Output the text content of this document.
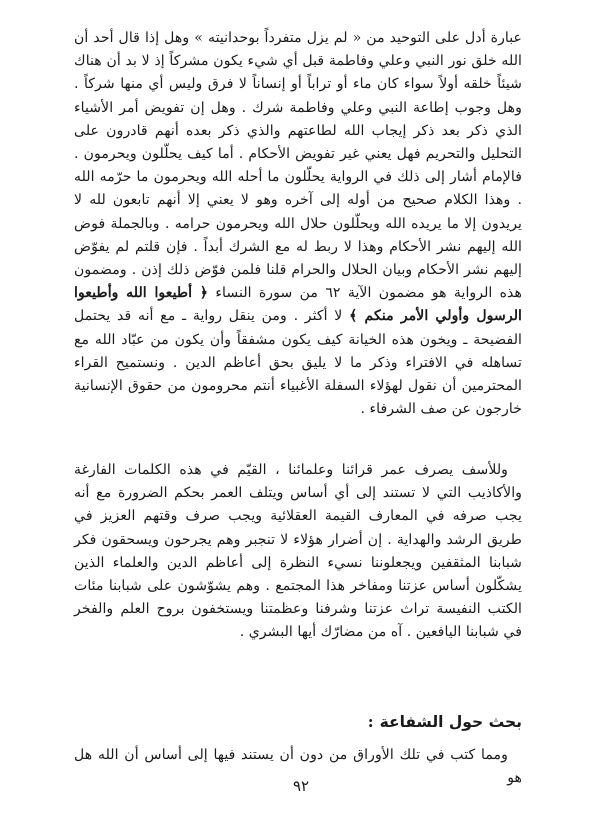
عبارة أدل على التوحيد من « لم يزل متفرداً بوحدانيته » وهل إذا قال أحد أن الله خلق نور النبي وعلي وفاطمة قبل أي شيء يكون مشركاً إذ لا بد أن هناك شيئاً خلقه أولاً سواء كان ماء أو تراباً أو إنساناً لا فرق وليس أي منها شركاً . وهل وجوب إطاعة النبي وعلي وفاطمة شرك . وهل إن تفويض أمر الأشياء الذي ذكر بعد ذكر إيجاب الله لطاعتهم والذي ذكر بعده أنهم قادرون على التحليل والتحريم فهل يعني غير تفويض الأحكام . أما كيف يحلّلون ويحرمون . فالإمام أشار إلى ذلك في الرواية يحلّلون ما أحله الله ويحرمون ما حرّمه الله . وهذا الكلام صحيح من أوله إلى آخره وهو لا يعني إلا أنهم تابعون لله لا يريدون إلا ما يريده الله ويحلّلون حلال الله ويحرمون حرامه . وبالجملة فوض الله إليهم نشر الأحكام وهذا لا ربط له مع الشرك أبداً . فإن قلتم لم يفوّض إليهم نشر الأحكام وبيان الحلال والحرام قلنا فلمن فوّض ذلك إذن . ومضمون هذه الرواية هو مضمون الآية ٦٢ من سورة النساء ﴿ أطيعوا الله وأطيعوا الرسول وأولي الأمر منكم ﴾ لا أكثر . ومن ينقل رواية ـ مع أنه قد يحتمل الفضيحة ـ ويخون هذه الخيانة كيف يكون مشفقاً وأن يكون من عبّاد الله مع تساهله في الافتراء وذكر ما لا يليق بحق أعاظم الدين . ونستميح القراء المحترمين أن نقول لهؤلاء السفلة الأغبياء أنتم محرومون من حقوق الإنسانية خارجون عن صف الشرفاء .

وللأسف يصرف عمر قرائنا وعلمائنا ، القيّم في هذه الكلمات الفارغة والأكاذيب التي لا تستند إلى أي أساس ويتلف العمر بحكم الضرورة مع أنه يجب صرفه في المعارف القيمة العقلائية ويجب صرف وقتهم العزيز في طريق الرشد والهداية . إن أضرار هؤلاء لا تنجبر وهم يجرحون ويسحقون فكر شبابنا المثقفين ويجعلوننا نسيء النظرة إلى أعاظم الدين والعلماء الذين يشكّلون أساس عزتنا ومفاخر هذا المجتمع . وهم يشوّشون على شبابنا مئات الكتب النفيسة تراث عزتنا وشرفنا وعظمتنا ويستخفون بروح العلم والفخر في شبابنا اليافعين . آه من مضارّك أيها البشري .

بحث حول الشفاعة:

ومما كتب في تلك الأوراق من دون أن يستند فيها إلى أساس أن الله هل هو

٩٢
